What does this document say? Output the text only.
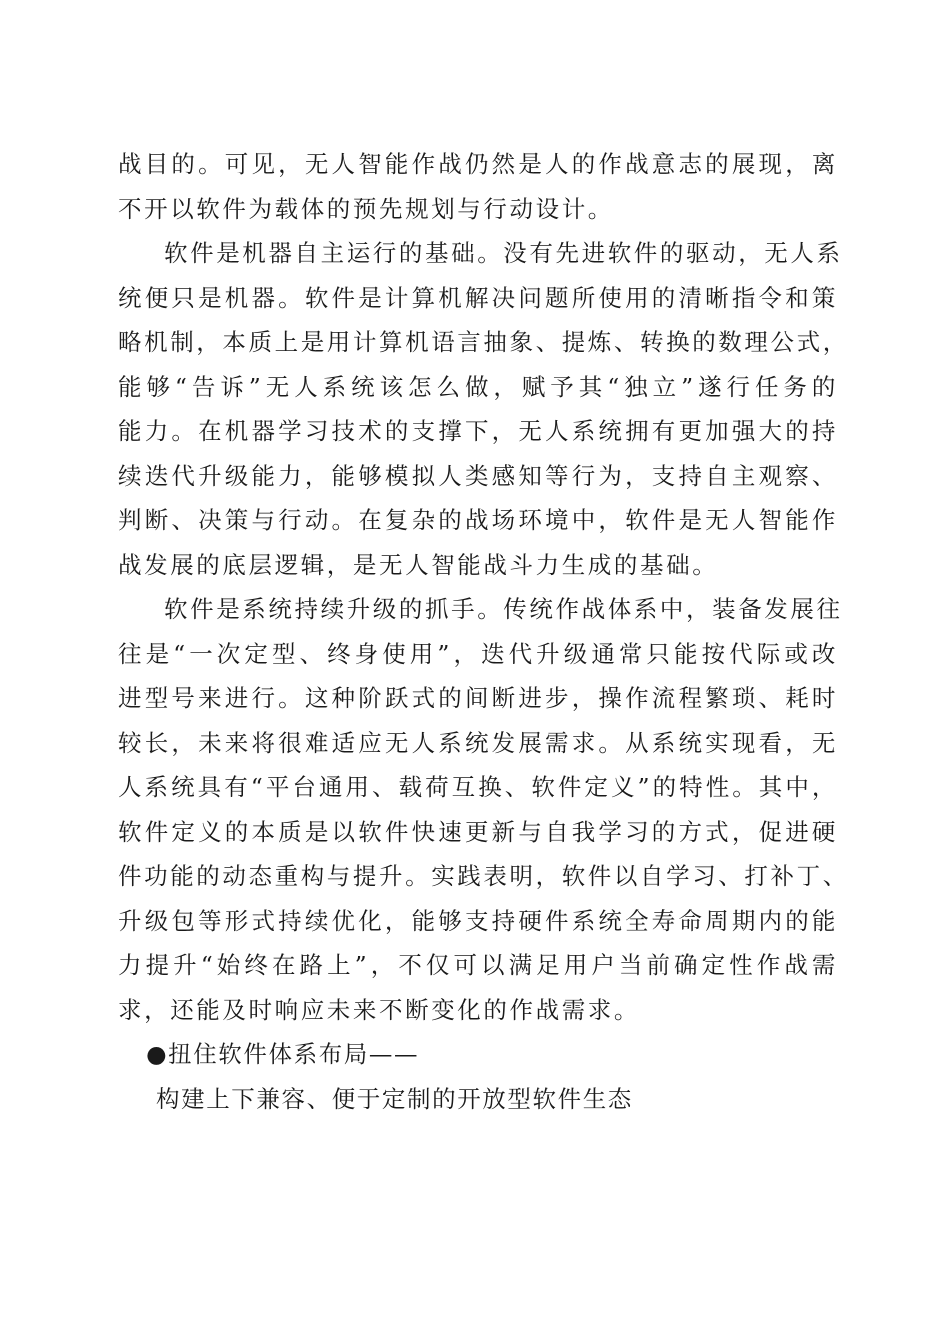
战目的。可见，无人智能作战仍然是人的作战意志的展现，离
不开以软件为载体的预先规划与行动设计。
软件是机器自主运行的基础。没有先进软件的驱动，无人系
统便只是机器。软件是计算机解决问题所使用的清晰指令和策
略机制，本质上是用计算机语言抽象、提炼、转换的数理公式，
能够“告诉”无人系统该怎么做，赋予其“独立”遂行任务的
能力。在机器学习技术的支撑下，无人系统拥有更加强大的持
续迭代升级能力，能够模拟人类感知等行为，支持自主观察、
判断、决策与行动。在复杂的战场环境中，软件是无人智能作
战发展的底层逻辑，是无人智能战斗力生成的基础。
软件是系统持续升级的抓手。传统作战体系中，装备发展往
往是“一次定型、终身使用”，迭代升级通常只能按代际或改
进型号来进行。这种阶跃式的间断进步，操作流程繁琐、耗时
较长，未来将很难适应无人系统发展需求。从系统实现看，无
人系统具有“平台通用、载荷互换、软件定义”的特性。其中，
软件定义的本质是以软件快速更新与自我学习的方式，促进硬
件功能的动态重构与提升。实践表明，软件以自学习、打补丁、
升级包等形式持续优化，能够支持硬件系统全寿命周期内的能
力提升“始终在路上”，不仅可以满足用户当前确定性作战需
求，还能及时响应未来不断变化的作战需求。
●扭住软件体系布局——
构建上下兼容、便于定制的开放型软件生态
